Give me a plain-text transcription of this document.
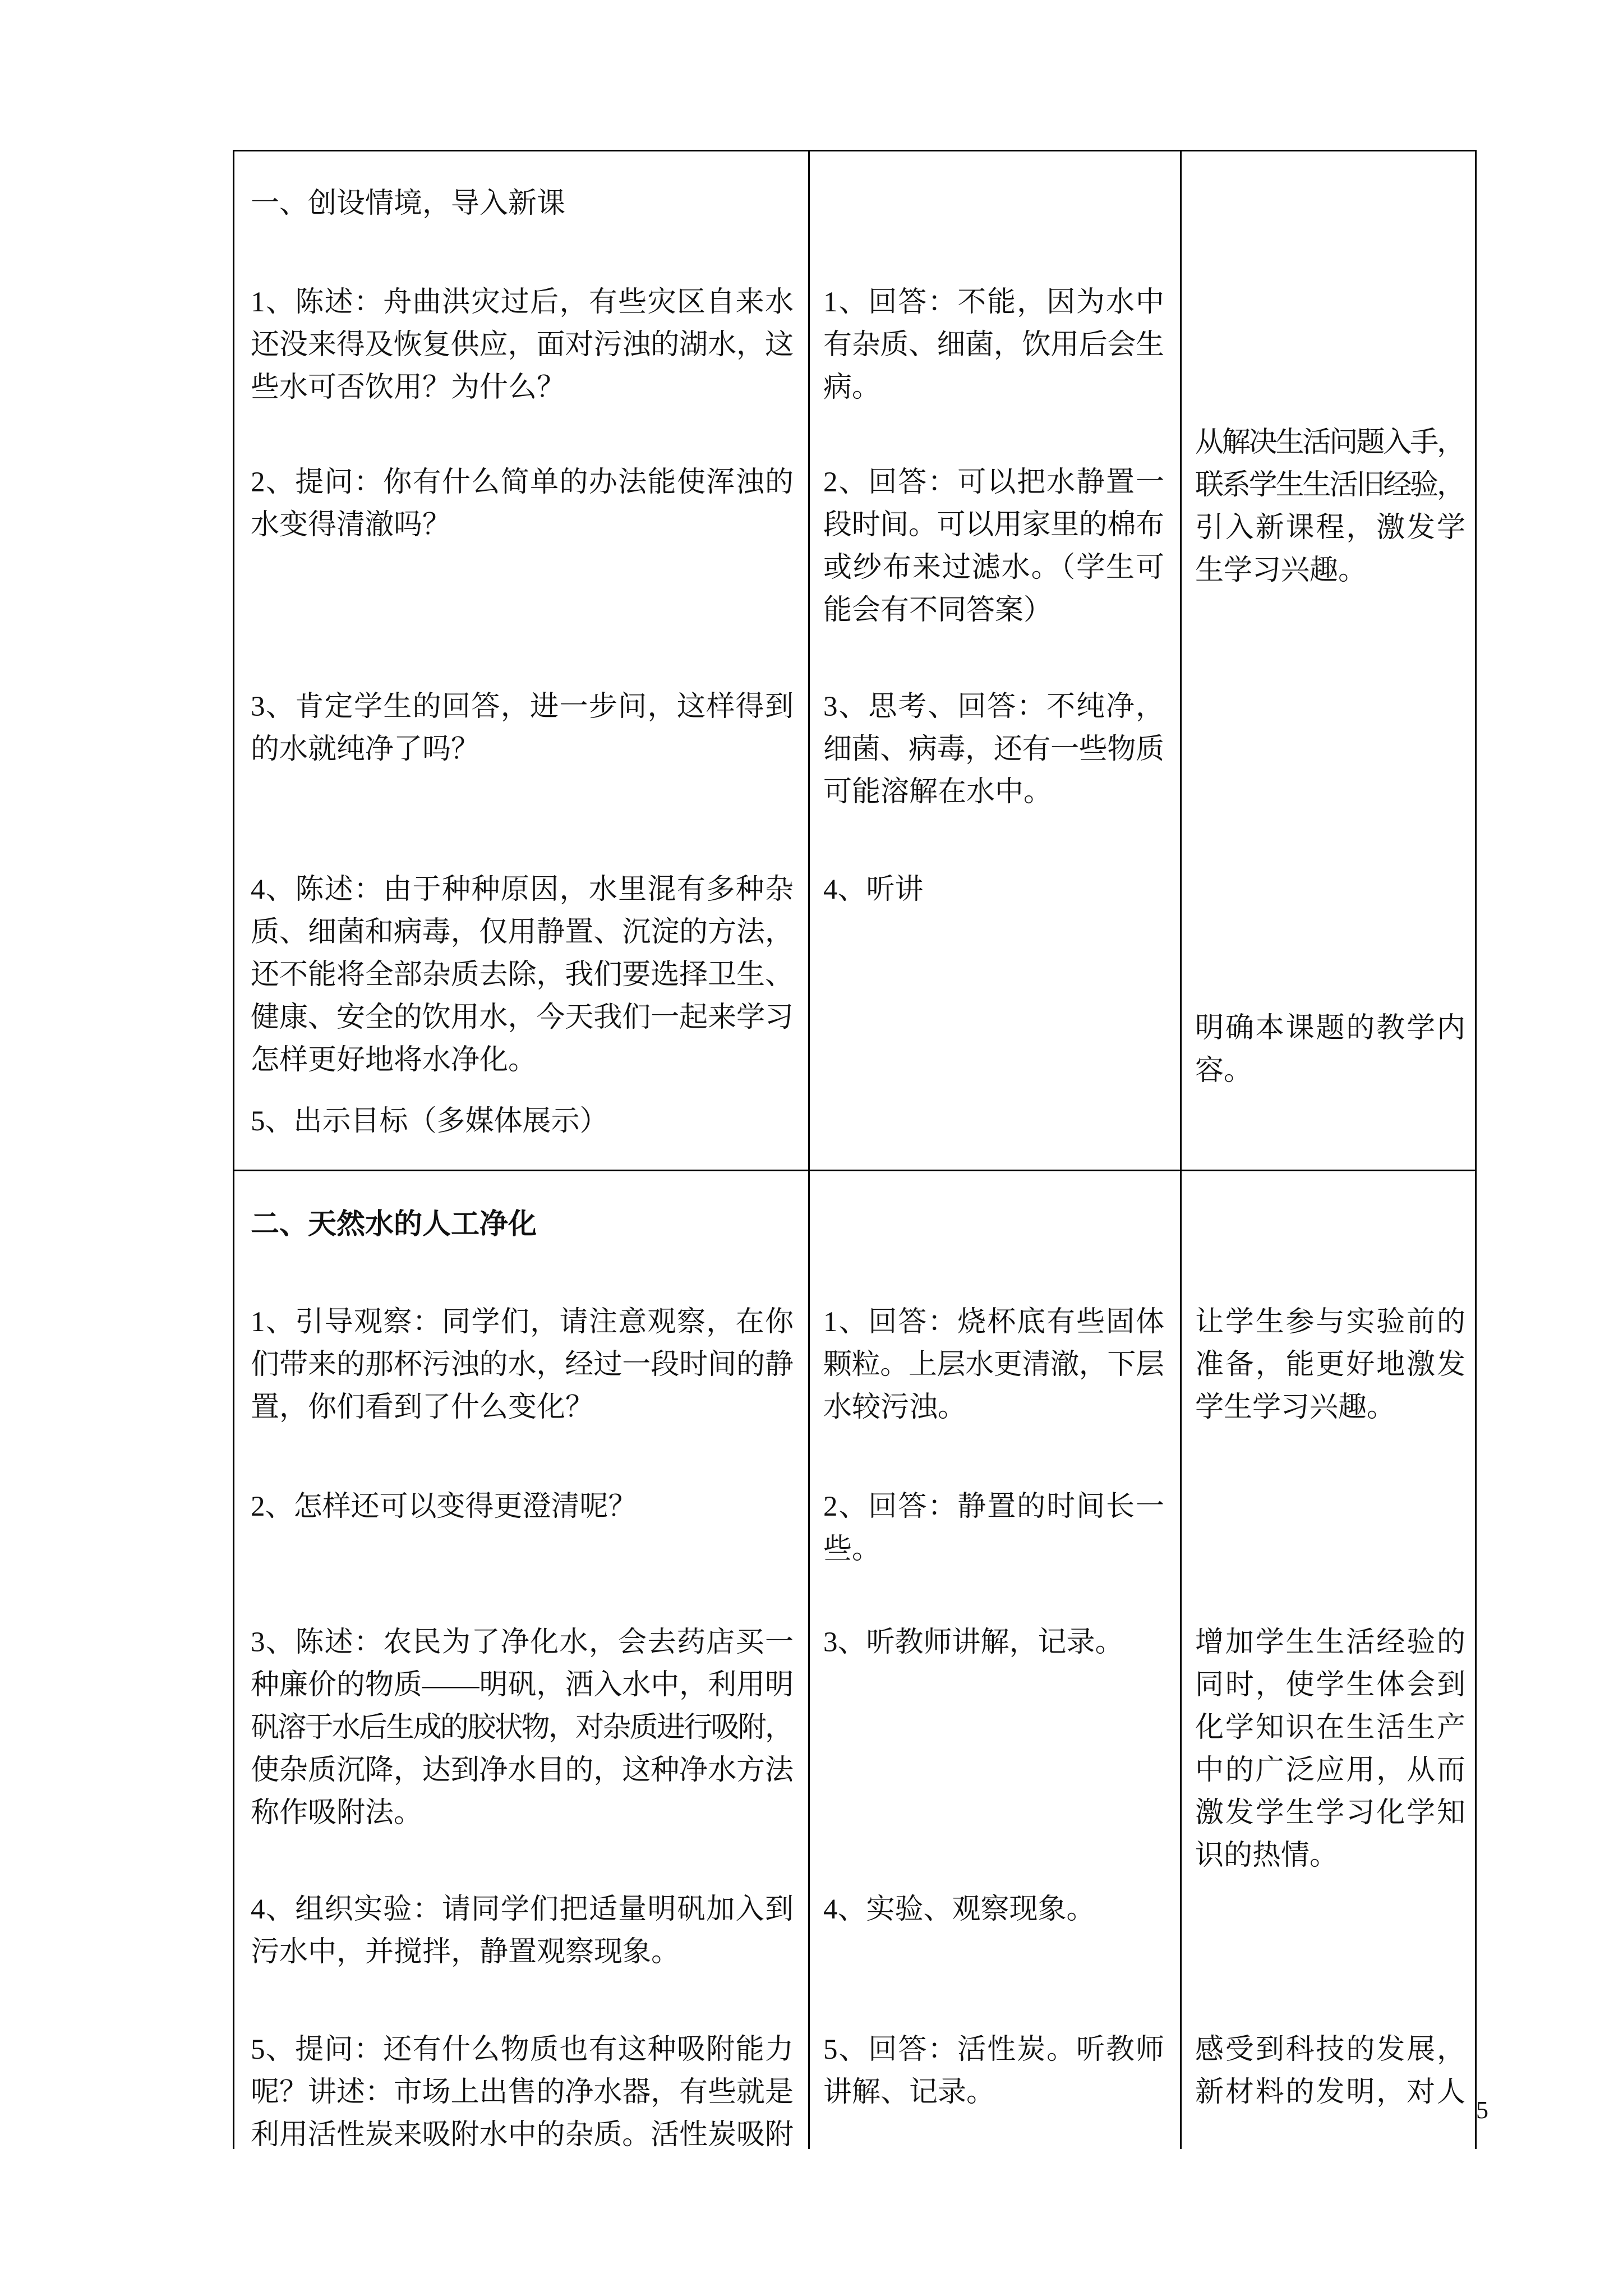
一、创设情境，导入新课
1、陈述：舟曲洪灾过后，有些灾区自来水
还没来得及恢复供应，面对污浊的湖水，这
些水可否饮用？为什么？
2、提问：你有什么简单的办法能使浑浊的
水变得清澈吗？
3、肯定学生的回答，进一步问，这样得到
的水就纯净了吗？
4、陈述：由于种种原因，水里混有多种杂
质、细菌和病毒，仅用静置、沉淀的方法，
还不能将全部杂质去除，我们要选择卫生、
健康、安全的饮用水，今天我们一起来学习
怎样更好地将水净化。
5、出示目标（多媒体展示）
1、回答：不能，因为水中
有杂质、细菌，饮用后会生
病。
2、回答：可以把水静置一
段时间。可以用家里的棉布
或纱布来过滤水。（学生可
能会有不同答案）
3、思考、回答：不纯净，
细菌、病毒，还有一些物质
可能溶解在水中。
4、听讲
从解决生活问题入手，
联系学生生活旧经验，
引入新课程，激发学
生学习兴趣。
明确本课题的教学内
容。
二、天然水的人工净化
1、引导观察：同学们，请注意观察，在你
们带来的那杯污浊的水，经过一段时间的静
置，你们看到了什么变化？
2、怎样还可以变得更澄清呢？
3、陈述：农民为了净化水，会去药店买一
种廉价的物质——明矾，洒入水中，利用明
矾溶于水后生成的胶状物，对杂质进行吸附，
使杂质沉降，达到净水目的，这种净水方法
称作吸附法。
4、组织实验：请同学们把适量明矾加入到
污水中，并搅拌，静置观察现象。
5、提问：还有什么物质也有这种吸附能力
呢？讲述：市场上出售的净水器，有些就是
利用活性炭来吸附水中的杂质。活性炭吸附
1、回答：烧杯底有些固体
颗粒。上层水更清澈，下层
水较污浊。
2、回答：静置的时间长一
些。
3、听教师讲解，记录。
4、实验、观察现象。
5、回答：活性炭。听教师
讲解、记录。
让学生参与实验前的
准备，能更好地激发
学生学习兴趣。
增加学生生活经验的
同时，使学生体会到
化学知识在生活生产
中的广泛应用，从而
激发学生学习化学知
识的热情。
感受到科技的发展，
新材料的发明，对人
5
